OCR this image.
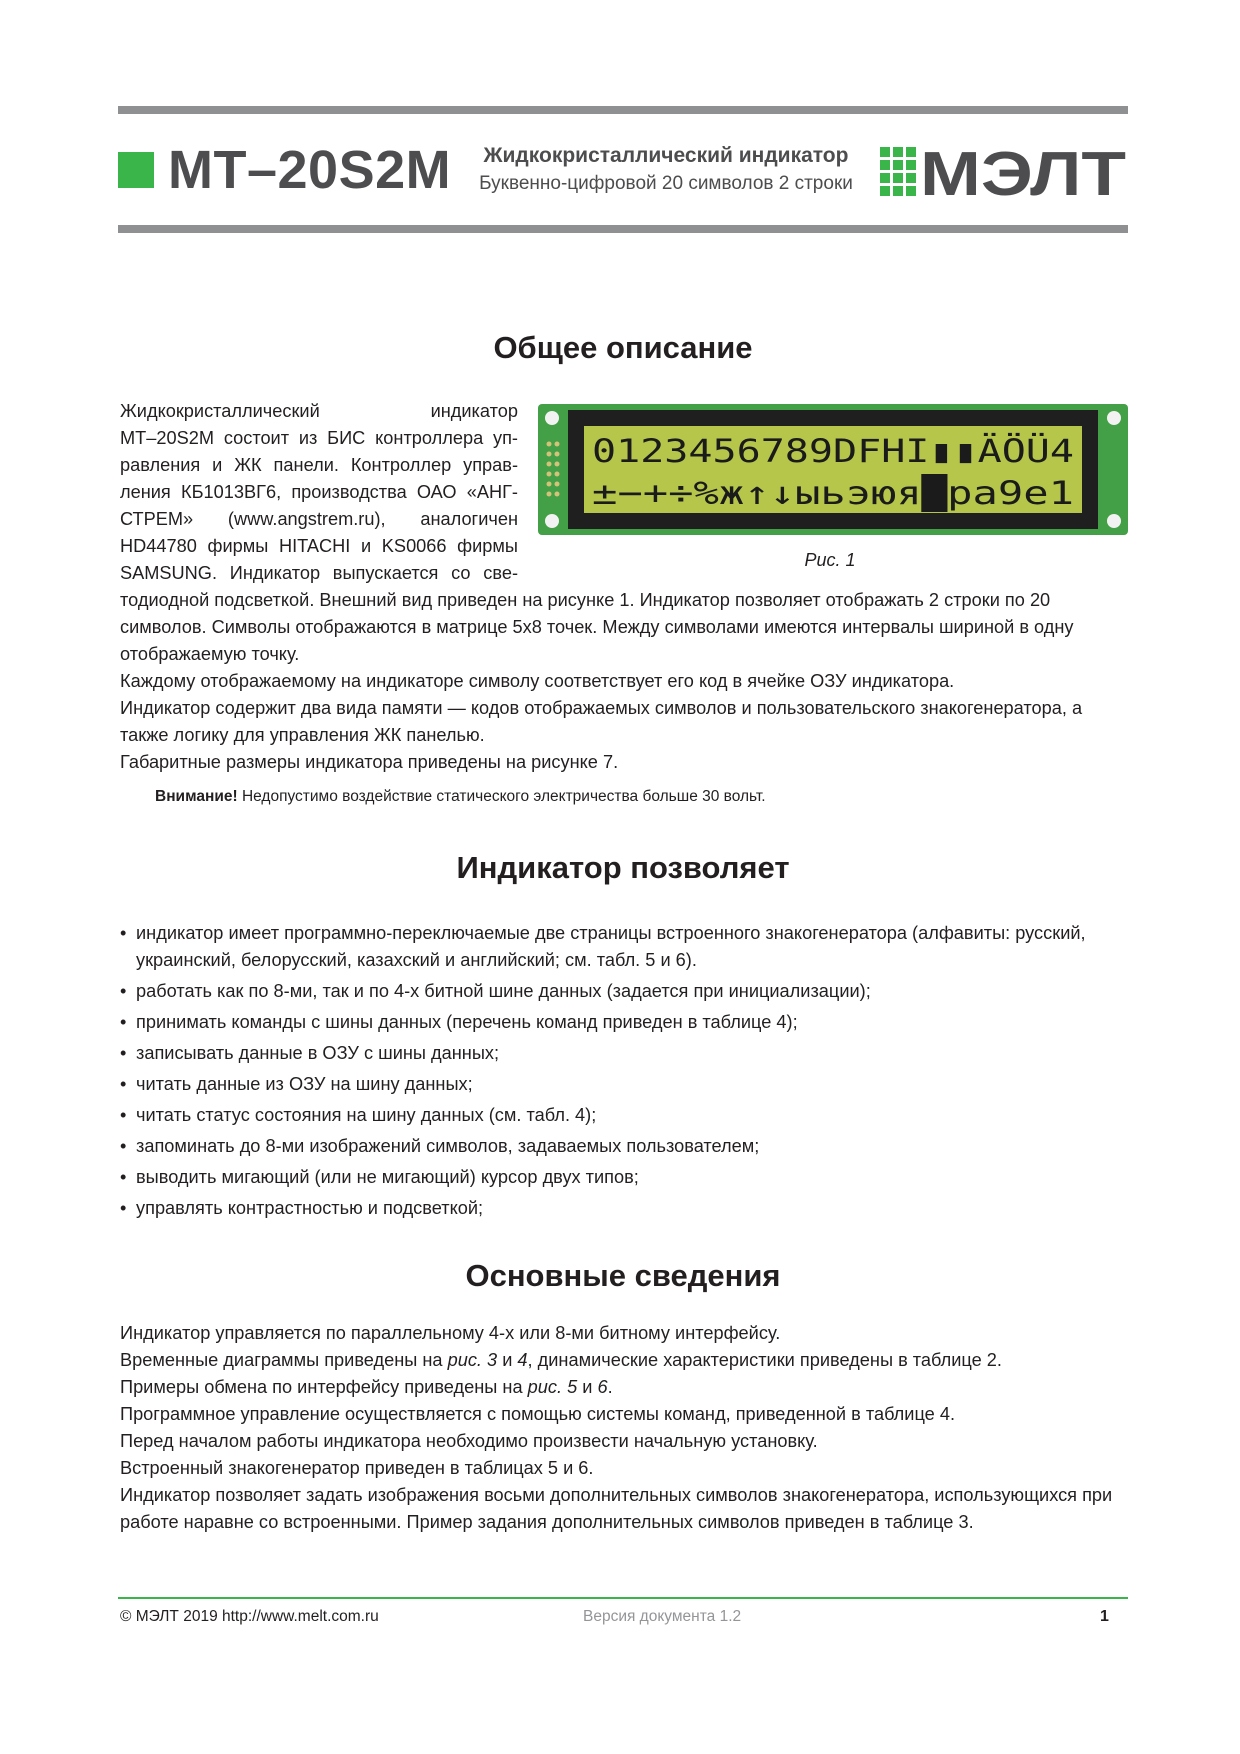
МТ–20S2M	Жидкокристаллический индикатор
Буквенно-цифровой 20 символов 2 строки МЭЛТ
Общее описание

Жидкокристаллический индикатор
МТ–20S2M состоит из БИС контроллера уп-
равления и ЖК панели. Контроллер управ-
ления КБ1013ВГ6, производства ОАО «АНГ-
СТРЕМ» (www.angstrem.ru), аналогичен
HD44780 фирмы HITACHI и KS0066 фирмы
SAMSUNG. Индикатор выпускается со све-

0123456789DFHI▮▮ÄÖÜ4
±−+÷%ж↑↓ыьэюя█pa9e1
Рис. 1

тодиодной подсветкой. Внешний вид приведен на рисунке 1. Индикатор позволяет отображать 2 строки по 20 символов. Символы отображаются в матрице 5х8 точек. Между символами имеются интервалы шириной в одну отображаемую точку.

Каждому отображаемому на индикаторе символу соответствует его код в ячейке ОЗУ индикатора.

Индикатор содержит два вида памяти — кодов отображаемых символов и пользовательского знакогенератора, а также логику для управления ЖК панелью.

Габаритные размеры индикатора приведены на рисунке 7.

Внимание! Недопустимо воздействие статического электричества больше 30 вольт.
Индикатор позволяет
• индикатор имеет программно-переключаемые две страницы встроенного знакогенератора (алфавиты: русский, украинский, белорусский, казахский и английский; см. табл. 5 и 6).
• работать как по 8-ми, так и по 4-х битной шине данных (задается при инициализации);
• принимать команды с шины данных (перечень команд приведен в таблице 4);
• записывать данные в ОЗУ с шины данных;
• читать данные из ОЗУ на шину данных;
• читать статус состояния на шину данных (см. табл. 4);
• запоминать до 8-ми изображений символов, задаваемых пользователем;
• выводить мигающий (или не мигающий) курсор двух типов;
• управлять контрастностью и подсветкой;
Основные сведения

Индикатор управляется по параллельному 4-х или 8-ми битному интерфейсу.

Временные диаграммы приведены на рис. 3 и 4, динамические характеристики приведены в таблице 2.

Примеры обмена по интерфейсу приведены на рис. 5 и 6.

Программное управление осуществляется с помощью системы команд, приведенной в таблице 4.

Перед началом работы индикатора необходимо произвести начальную установку.

Встроенный знакогенератор приведен в таблицах 5 и 6.

Индикатор позволяет задать изображения восьми дополнительных символов знакогенератора, использующихся при работе наравне со встроенными. Пример задания дополнительных символов приведен в таблице 3.

© МЭЛТ 2019 http://www.melt.com.ru	Версия документа 1.2	1
